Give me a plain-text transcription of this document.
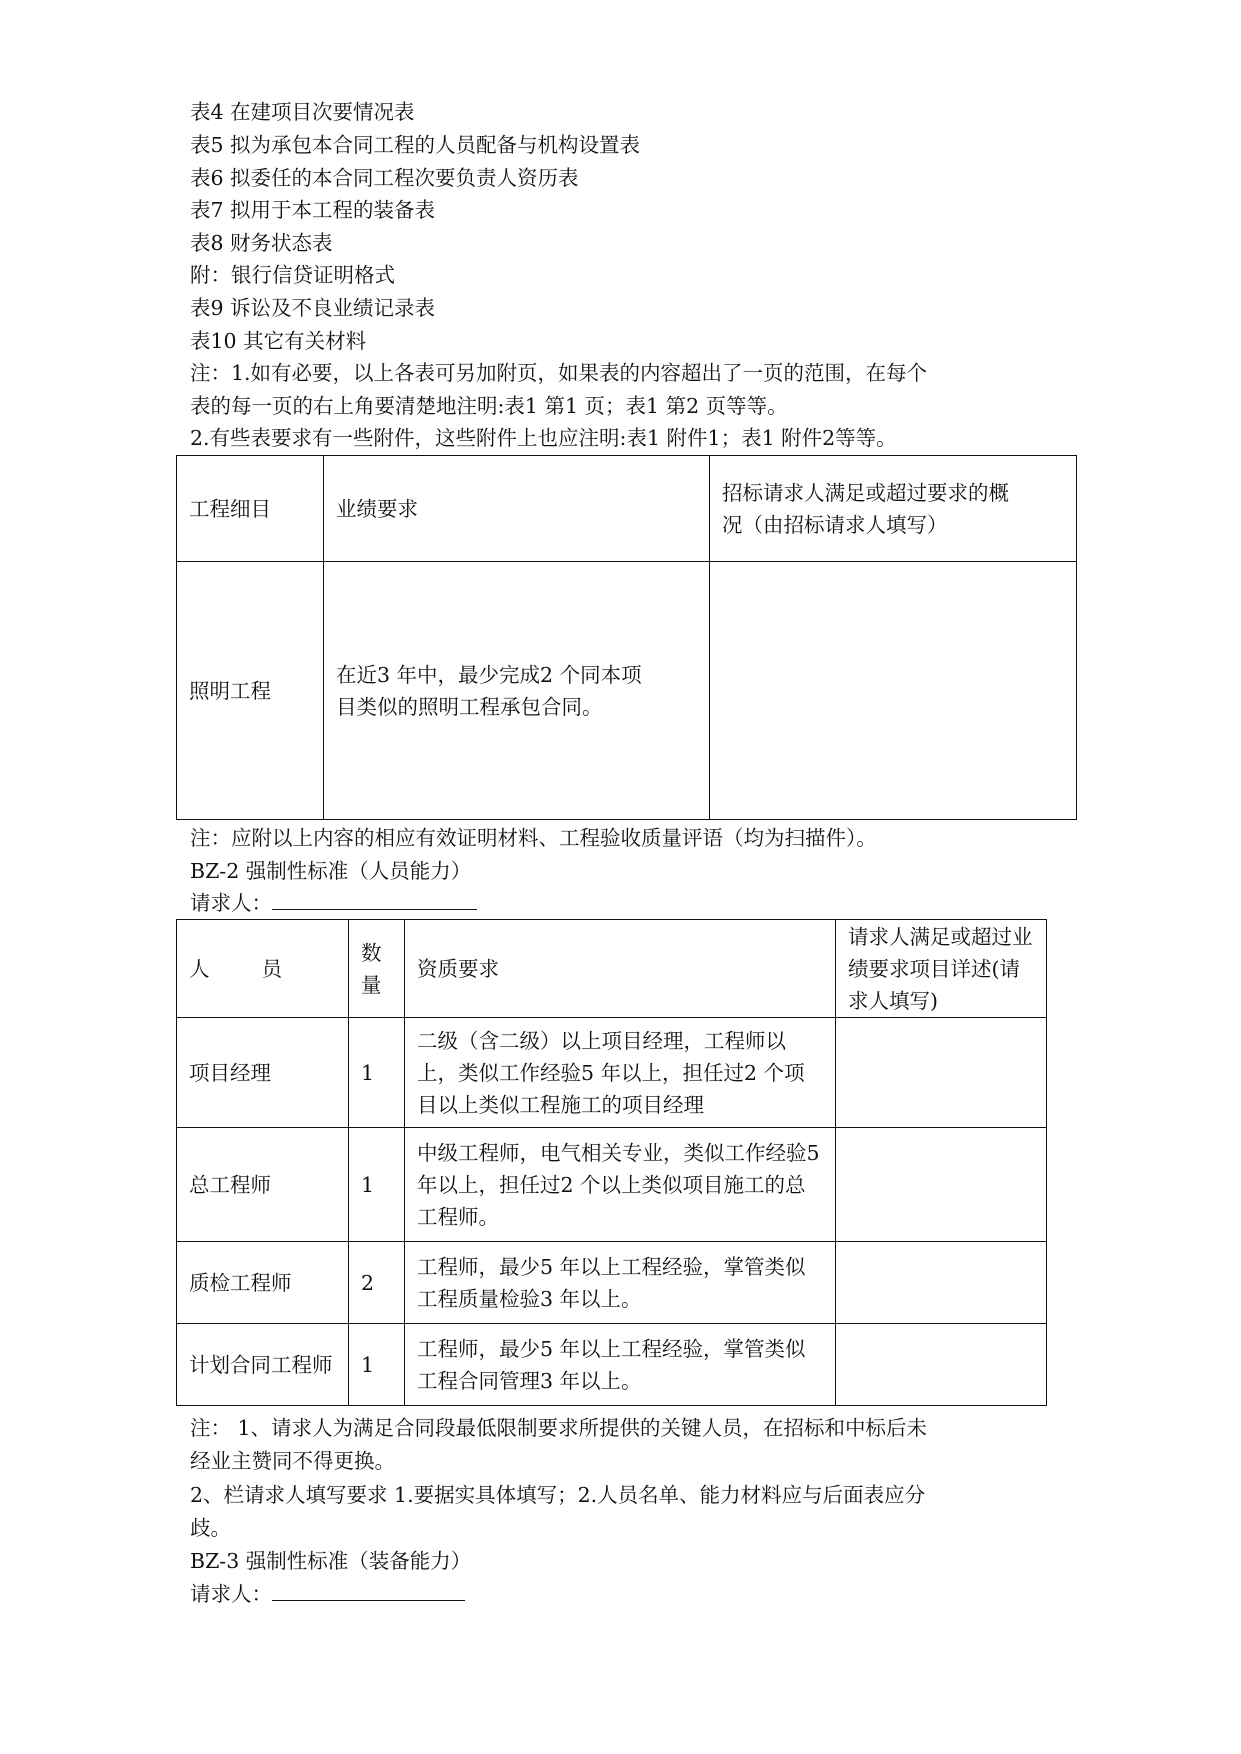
表4 在建项目次要情况表
表5 拟为承包本合同工程的人员配备与机构设置表
表6 拟委任的本合同工程次要负责人资历表
表7 拟用于本工程的装备表
表8 财务状态表
附：银行信贷证明格式
表9 诉讼及不良业绩记录表
表10 其它有关材料
注：1.如有必要，以上各表可另加附页，如果表的内容超出了一页的范围，在每个
表的每一页的右上角要清楚地注明:表1 第1 页；表1 第2 页等等。
2.有些表要求有一些附件，这些附件上也应注明:表1 附件1；表1 附件2等等。
工程细目	业绩要求	招标请求人满足或超过要求的概况（由招标请求人填写）

照明工程	在近3 年中，最少完成2 个同本项目类似的照明工程承包合同。	

注：应附以上内容的相应有效证明材料、工程验收质量评语（均为扫描件）。
BZ-2 强制性标准（人员能力）
请求人：
人        员	数量	资质要求	请求人满足或超过业绩要求项目详述(请求人填写)

项目经理	1	二级（含二级）以上项目经理，工程师以上，类似工作经验5 年以上，担任过2 个项目以上类似工程施工的项目经理	

总工程师	1	中级工程师，电气相关专业，类似工作经验5 年以上，担任过2 个以上类似项目施工的总工程师。	

质检工程师	2	工程师，最少5 年以上工程经验，掌管类似工程质量检验3 年以上。	

计划合同工程师	1	工程师，最少5 年以上工程经验，掌管类似工程合同管理3 年以上。	

注： 1、请求人为满足合同段最低限制要求所提供的关键人员，在招标和中标后未
经业主赞同不得更换。
2、栏请求人填写要求 1.要据实具体填写；2.人员名单、能力材料应与后面表应分
歧。
BZ-3 强制性标准（装备能力）
请求人：
